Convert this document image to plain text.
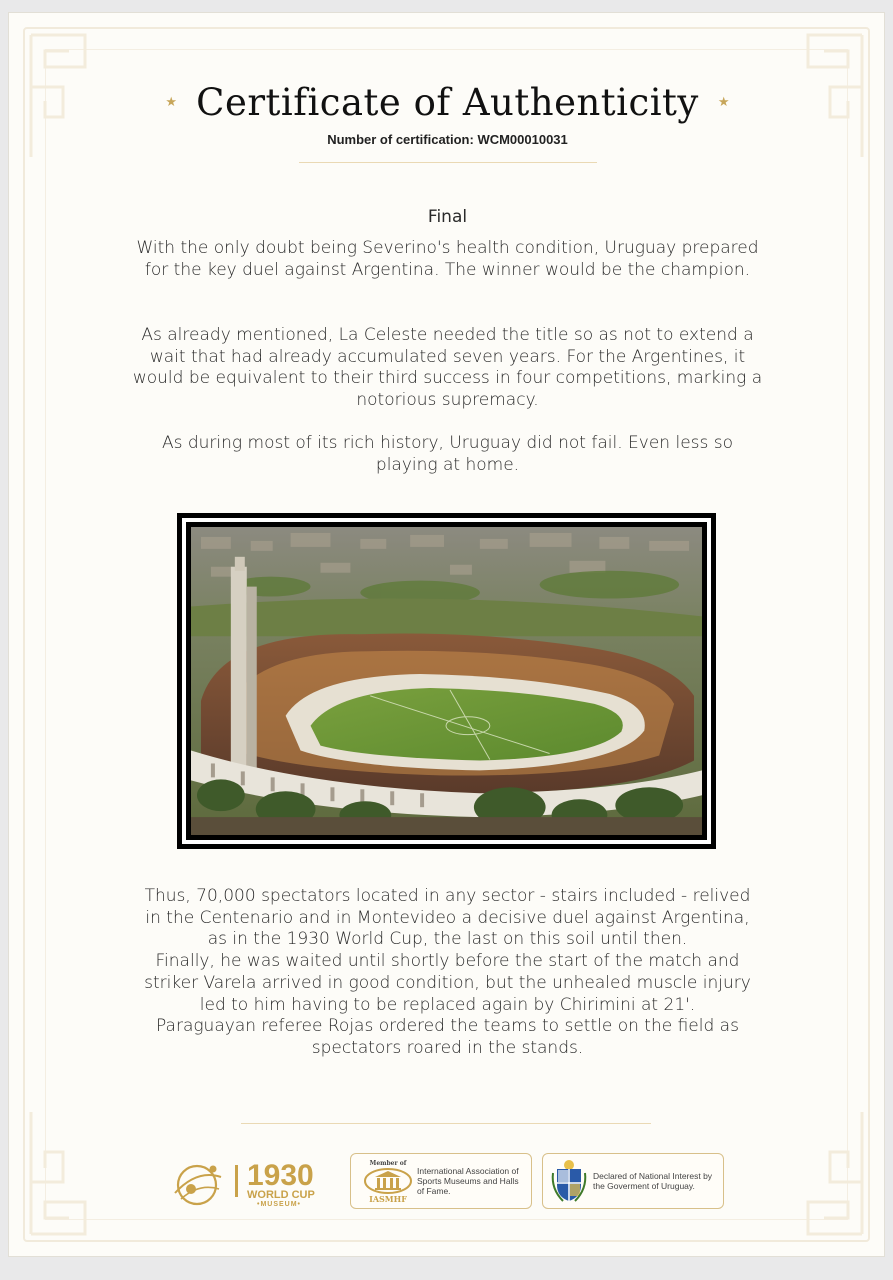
★ Certificate of Authenticity ★
Number of certification: WCM00010031
Final

With the only doubt being Severino's health condition, Uruguay prepared for the key duel against Argentina. The winner would be the champion.

As already mentioned, La Celeste needed the title so as not to extend a wait that had already accumulated seven years. For the Argentines, it would be equivalent to their third success in four competitions, marking a notorious supremacy.

As during most of its rich history, Uruguay did not fail. Even less so playing at home.

Thus, 70,000 spectators located in any sector - stairs included - relived

in the Centenario and in Montevideo a decisive duel against Argentina,

as in the 1930 World Cup, the last on this soil until then.

Finally, he was waited until shortly before the start of the match and

striker Varela arrived in good condition, but the unhealed muscle injury

led to him having to be replaced again by Chirimini at 21'.

Paraguayan referee Rojas ordered the teams to settle on the field as

spectators roared in the stands.

1930
WORLD CUP
•MUSEUM•
Member of
IASMHF
International Association of Sports Museums and Halls of Fame.
Declared of National Interest by the Goverment of Uruguay.
